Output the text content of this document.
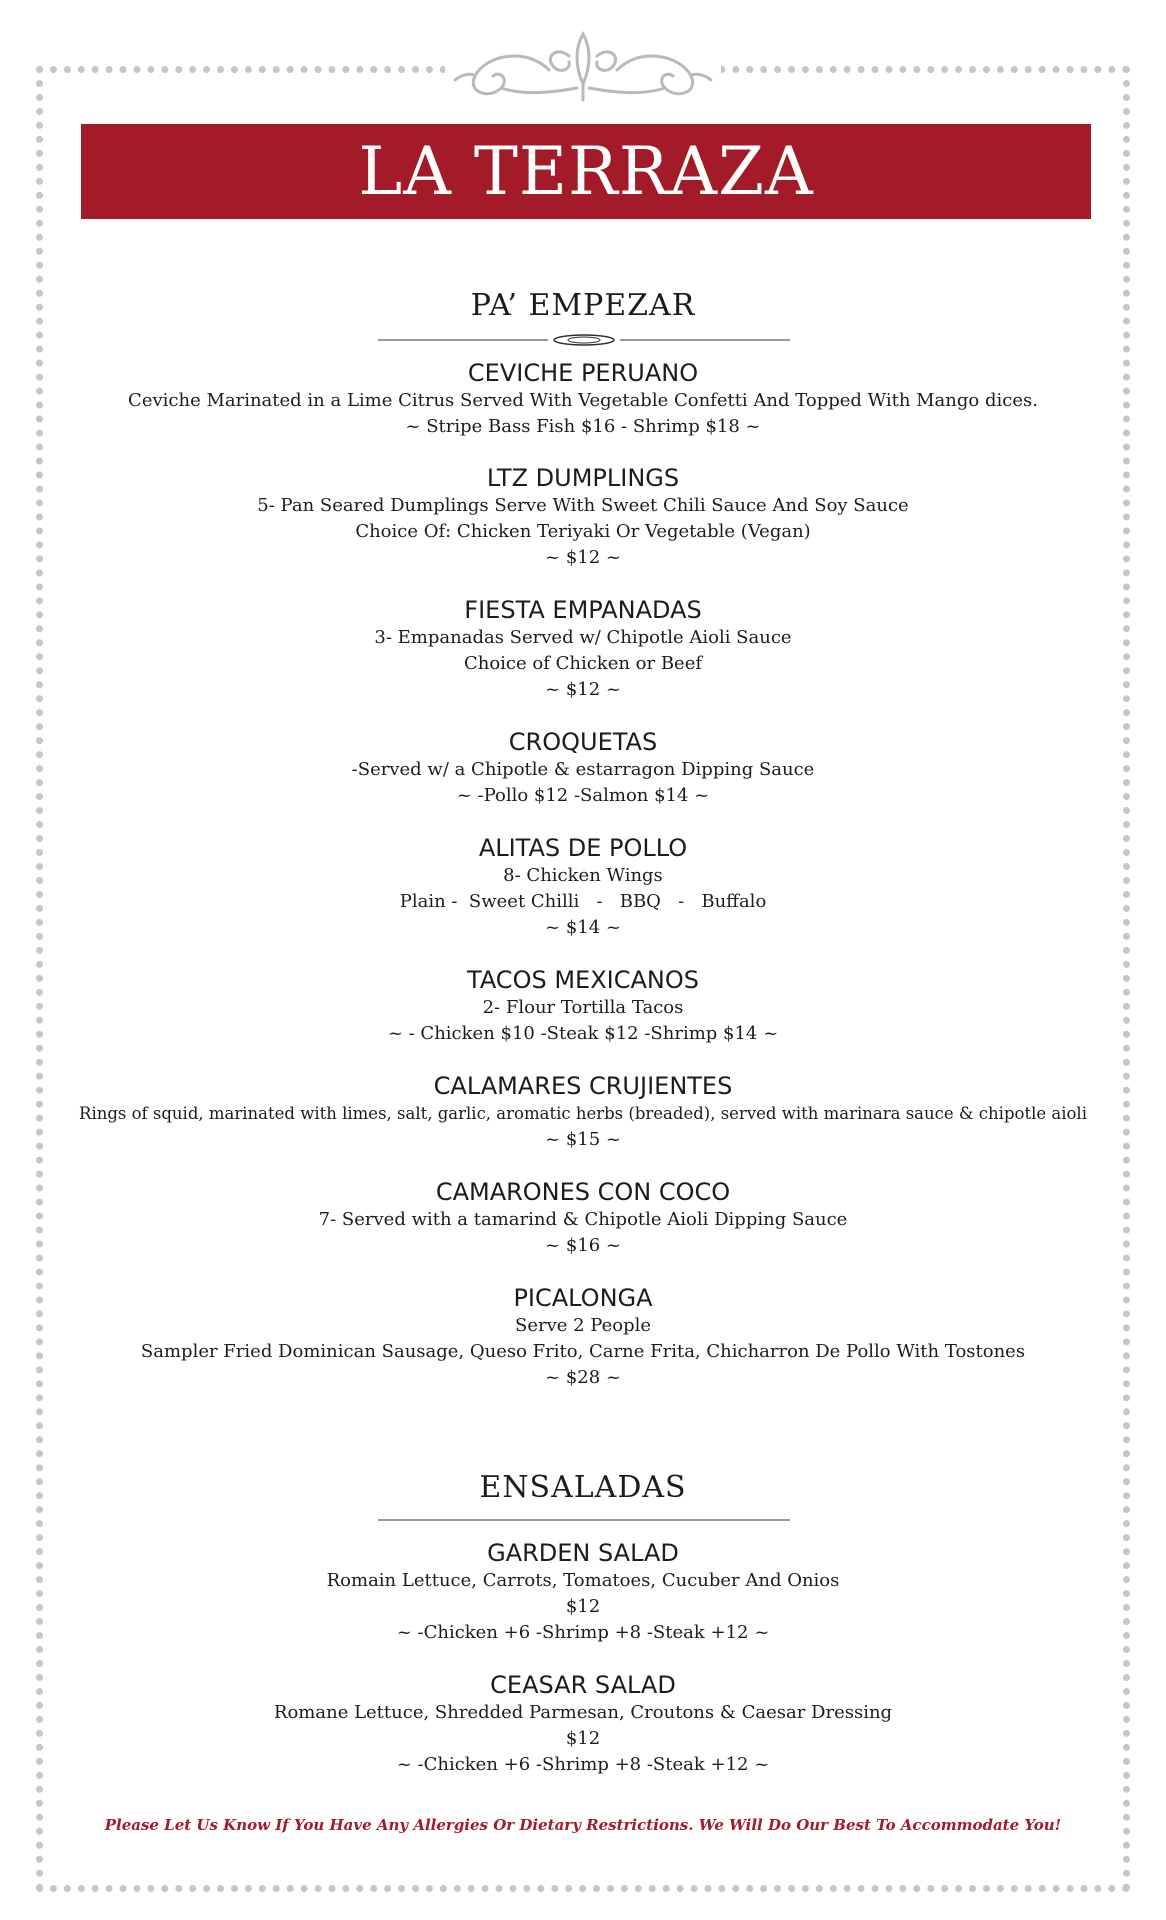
LA TERRAZA
PA’ EMPEZAR
CEVICHE PERUANO
Ceviche Marinated in a Lime Citrus Served With Vegetable Confetti And Topped With Mango dices.
~ Stripe Bass Fish $16 - Shrimp $18 ~
LTZ DUMPLINGS
5- Pan Seared Dumplings Serve With Sweet Chili Sauce And Soy Sauce
Choice Of: Chicken Teriyaki Or Vegetable (Vegan)
~ $12 ~
FIESTA EMPANADAS
3- Empanadas Served w/ Chipotle Aioli Sauce
Choice of Chicken or Beef
~ $12 ~
CROQUETAS
-Served w/ a Chipotle & estarragon Dipping Sauce
~ -Pollo $12 -Salmon $14 ~
ALITAS DE POLLO
8- Chicken Wings
Plain -  Sweet Chilli   -   BBQ   -   Buffalo
~ $14 ~
TACOS MEXICANOS
2- Flour Tortilla Tacos
~ - Chicken $10 -Steak $12 -Shrimp $14 ~
CALAMARES CRUJIENTES
Rings of squid, marinated with limes, salt, garlic, aromatic herbs (breaded), served with marinara sauce & chipotle aioli
~ $15 ~
CAMARONES CON COCO
7- Served with a tamarind & Chipotle Aioli Dipping Sauce
~ $16 ~
PICALONGA
Serve 2 People
Sampler Fried Dominican Sausage, Queso Frito, Carne Frita, Chicharron De Pollo With Tostones
~ $28 ~
ENSALADAS
GARDEN SALAD
Romain Lettuce, Carrots, Tomatoes, Cucuber And Onios
$12
~ -Chicken +6 -Shrimp +8 -Steak +12 ~
CEASAR SALAD
Romane Lettuce, Shredded Parmesan, Croutons & Caesar Dressing
$12
~ -Chicken +6 -Shrimp +8 -Steak +12 ~
Please Let Us Know If You Have Any Allergies Or Dietary Restrictions. We Will Do Our Best To Accommodate You!
